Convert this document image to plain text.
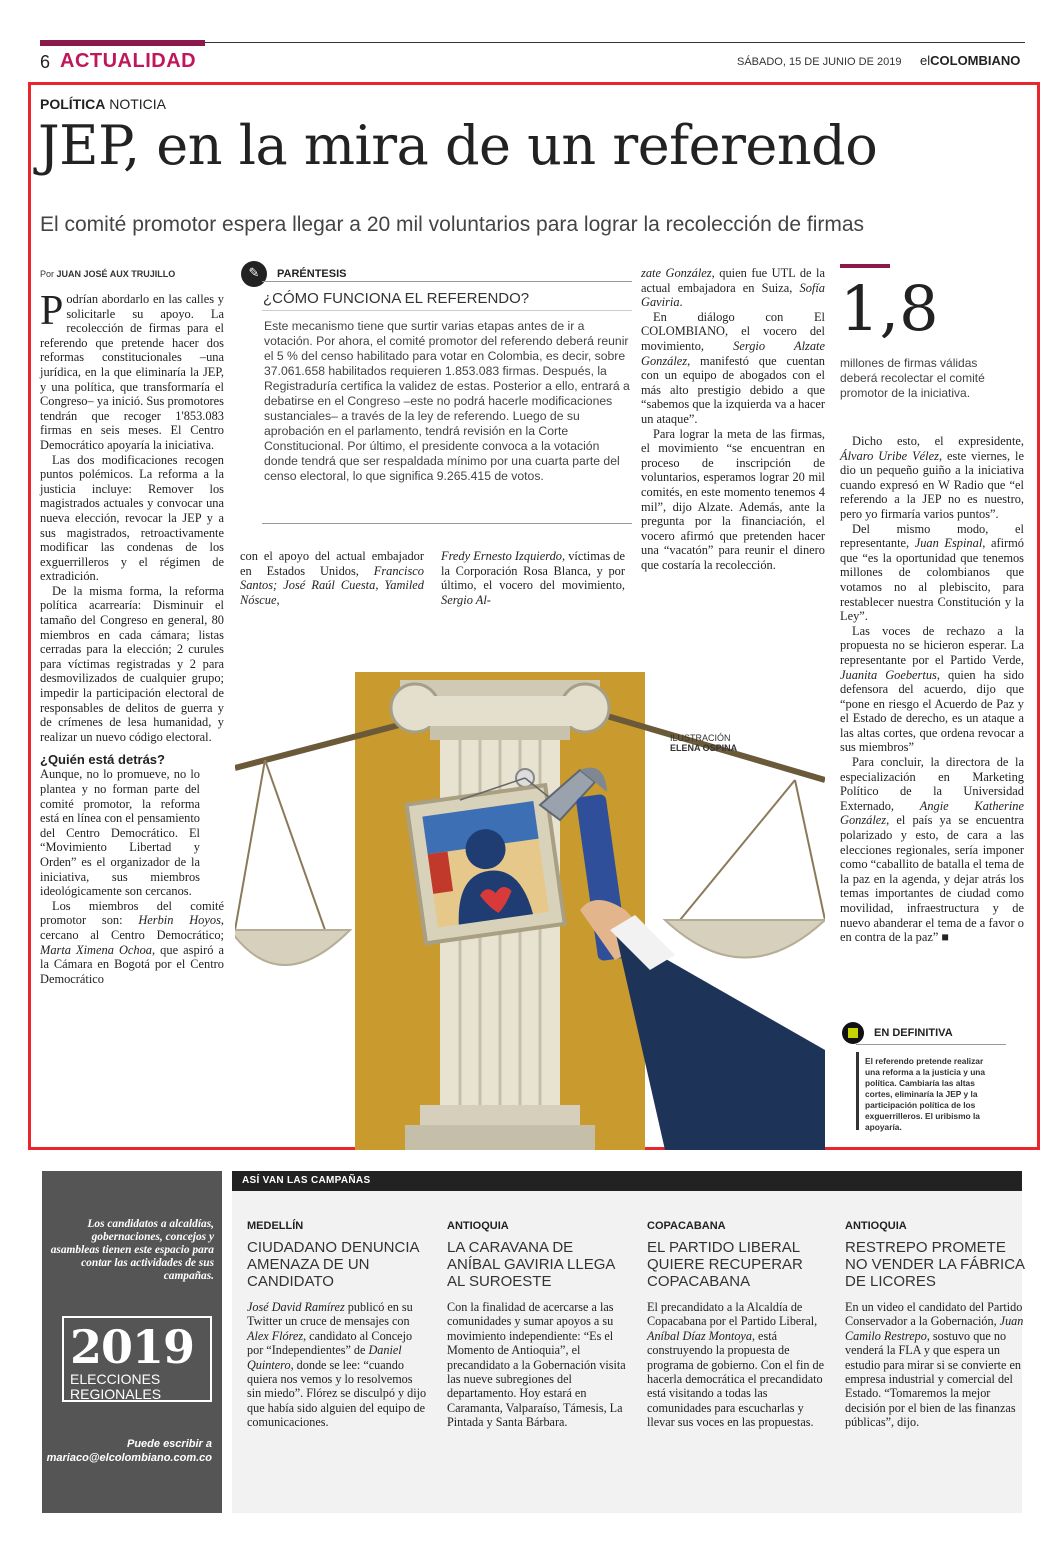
6 ACTUALIDAD	SÁBADO, 15 DE JUNIO DE 2019 elCOLOMBIANO
POLÍTICA NOTICIA
JEP, en la mira de un referendo
El comité promotor espera llegar a 20 mil voluntarios para lograr la recolección de firmas
Por JUAN JOSÉ AUX TRUJILLO

Podrían abordarlo en las calles y solicitarle su apoyo. La recolección de firmas para el referendo que pretende hacer dos reformas constitucionales –una jurídica, en la que eliminaría la JEP, y una política, que transformaría el Congreso– ya inició. Sus promotores tendrán que recoger 1'853.083 firmas en seis meses. El Centro Democrático apoyaría la iniciativa.

Las dos modificaciones recogen puntos polémicos. La reforma a la justicia incluye: Remover los magistrados actuales y convocar una nueva elección, revocar la JEP y a sus magistrados, retroactivamente modificar las condenas de los exguerrilleros y el régimen de extradición.

De la misma forma, la reforma política acarrearía: Disminuir el tamaño del Congreso en general, 80 miembros en cada cámara; listas cerradas para la elección; 2 curules para víctimas registradas y 2 para desmovilizados de cualquier grupo; impedir la participación electoral de responsables de delitos de guerra y de crímenes de lesa humanidad, y realizar un nuevo código electoral.

¿Quién está detrás?

Aunque, no lo promueve, no lo plantea y no forman parte del comité promotor, la reforma está en línea con el pensamiento del Centro Democrático. El “Movimiento Libertad y Orden” es el organizador de la iniciativa, sus miembros ideológicamente son cercanos.

Los miembros del comité promotor son: Herbin Hoyos, cercano al Centro Democrático; Marta Ximena Ochoa, que aspiró a la Cámara en Bogotá por el Centro Democrático

✎	PARÉNTESIS
¿CÓMO FUNCIONA EL REFERENDO?
Este mecanismo tiene que surtir varias etapas antes de ir a votación. Por ahora, el comité promotor del referendo deberá reunir el 5 % del censo habilitado para votar en Colombia, es decir, sobre 37.061.658 habilitados requieren 1.853.083 firmas. Después, la Registraduría certifica la validez de estas. Posterior a ello, entrará a debatirse en el Congreso –este no podrá hacerle modificaciones sustanciales– a través de la ley de referendo. Luego de su aprobación en el parlamento, tendrá revisión en la Corte Constitucional. Por último, el presidente convoca a la votación donde tendrá que ser respaldada mínimo por una cuarta parte del censo electoral, lo que significa 9.265.415 de votos.

con el apoyo del actual embajador en Estados Unidos, Francisco Santos; José Raúl Cuesta, Yamiled Nóscue,

Fredy Ernesto Izquierdo, víctimas de la Corporación Rosa Blanca, y por último, el vocero del movimiento, Sergio Al-

zate González, quien fue UTL de la actual embajadora en Suiza, Sofía Gaviria.

En diálogo con El COLOMBIANO, el vocero del movimiento, Sergio Alzate González, manifestó que cuentan con un equipo de abogados con el más alto prestigio debido a que “sabemos que la izquierda va a hacer un ataque”.

Para lograr la meta de las firmas, el movimiento “se encuentran en proceso de inscripción de voluntarios, esperamos lograr 20 mil comités, en este momento tenemos 4 mil”, dijo Alzate. Además, ante la pregunta por la financiación, el vocero afirmó que pretenden hacer una “vacatón” para reunir el dinero que costaría la recolección.

1,8
millones de firmas válidas deberá recolectar el comité promotor de la iniciativa.

Dicho esto, el expresidente, Álvaro Uribe Vélez, este viernes, le dio un pequeño guiño a la iniciativa cuando expresó en W Radio que “el referendo a la JEP no es nuestro, pero yo firmaría varios puntos”.

Del mismo modo, el representante, Juan Espinal, afirmó que “es la oportunidad que tenemos millones de colombianos que votamos no al plebiscito, para restablecer nuestra Constitución y la Ley”.

Las voces de rechazo a la propuesta no se hicieron esperar. La representante por el Partido Verde, Juanita Goebertus, quien ha sido defensora del acuerdo, dijo que “pone en riesgo el Acuerdo de Paz y el Estado de derecho, es un ataque a las altas cortes, que ordena revocar a sus miembros”

Para concluir, la directora de la especialización en Marketing Político de la Universidad Externado, Angie Katherine González, el país ya se encuentra polarizado y esto, de cara a las elecciones regionales, sería imponer como “caballito de batalla el tema de la paz en la agenda, y dejar atrás los temas importantes de ciudad como movilidad, infraestructura y de nuevo abanderar el tema de a favor o en contra de la paz” ■

ILUSTRACIÓN
ELENA OSPINA
EN DEFINITIVA
El referendo pretende realizar una reforma a la justicia y una política. Cambiaría las altas cortes, eliminaría la JEP y la participación política de los exguerrilleros. El uribismo la apoyaría.
Los candidatos a alcaldías, gobernaciones, concejos y asambleas tienen este espacio para contar las actividades de sus campañas.
2019
ELECCIONES
REGIONALES
Puede escribir a mariaco@elcolombiano.com.co
ASÍ VAN LAS CAMPAÑAS
MEDELLÍN
CIUDADANO DENUNCIA AMENAZA DE UN CANDIDATO
José David Ramírez publicó en su Twitter un cruce de mensajes con Alex Flórez, candidato al Concejo por “Independientes” de Daniel Quintero, donde se lee: “cuando quiera nos vemos y lo resolvemos sin miedo”. Flórez se disculpó y dijo que había sido alguien del equipo de comunicaciones.
ANTIOQUIA
LA CARAVANA DE ANÍBAL GAVIRIA LLEGA AL SUROESTE
Con la finalidad de acercarse a las comunidades y sumar apoyos a su movimiento independiente: “Es el Momento de Antioquia”, el precandidato a la Gobernación visita las nueve subregiones del departamento. Hoy estará en Caramanta, Valparaíso, Támesis, La Pintada y Santa Bárbara.
COPACABANA
EL PARTIDO LIBERAL QUIERE RECUPERAR COPACABANA
El precandidato a la Alcaldía de Copacabana por el Partido Liberal, Aníbal Díaz Montoya, está construyendo la propuesta de programa de gobierno. Con el fin de hacerla democrática el precandidato está visitando a todas las comunidades para escucharlas y llevar sus voces en las propuestas.
ANTIOQUIA
RESTREPO PROMETE NO VENDER LA FÁBRICA DE LICORES
En un video el candidato del Partido Conservador a la Gobernación, Juan Camilo Restrepo, sostuvo que no venderá la FLA y que espera un estudio para mirar si se convierte en empresa industrial y comercial del Estado. “Tomaremos la mejor decisión por el bien de las finanzas públicas”, dijo.
